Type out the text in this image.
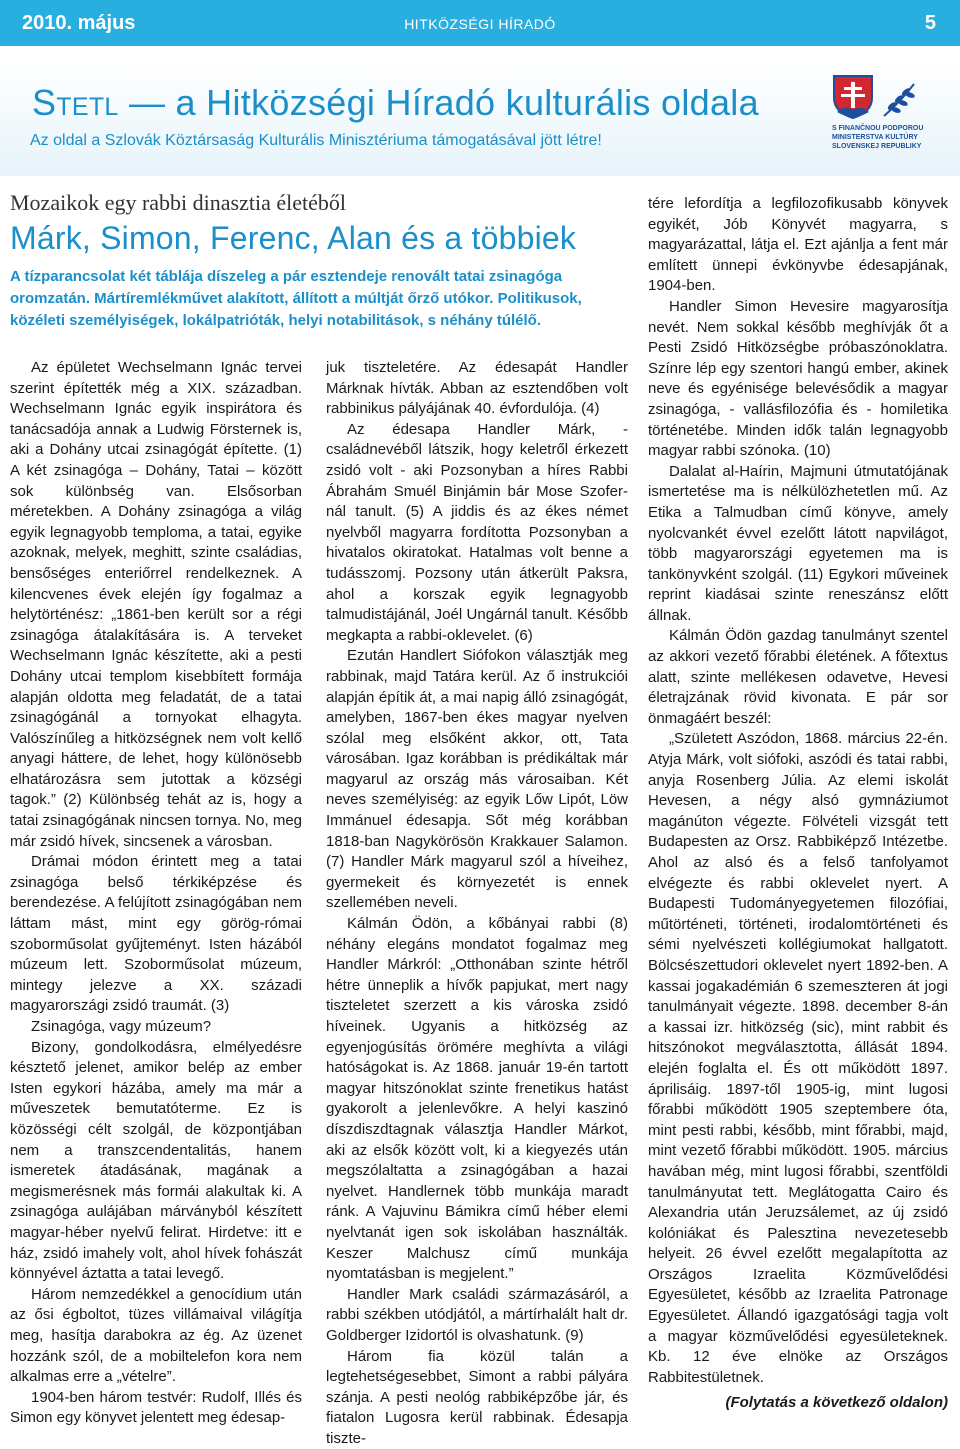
2010. május	HITKÖZSÉGI HÍRADÓ	5
Stetl — a Hitközségi Híradó kulturális oldala
Az oldal a Szlovák Köztársaság Kulturális Minisztériuma támogatásával jött létre!
S FINANČNOU PODPOROU MINISTERSTVA KULTÚRY SLOVENSKEJ REPUBLIKY
Mozaikok egy rabbi dinasztia életéből
Márk, Simon, Ferenc, Alan és a többiek
A tízparancsolat két táblája díszeleg a pár esztendeje renovált tatai zsinagóga oromzatán. Mártíremlékművet alakított, állított a múltját őrző utókor. Politikusok, közéleti személyiségek, lokálpatrióták, helyi notabilitások, s néhány túlélő.

Az épületet Wechselmann Ignác tervei szerint építették még a XIX. században. Wechselmann Ignác egyik inspirátora és tanácsadója annak a Ludwig Försternek is, aki a Dohány utcai zsinagógát építette. (1) A két zsinagóga – Dohány, Tatai – között sok különbség van. Elsősorban méretekben. A Dohány zsinagóga a világ egyik legnagyobb temploma, a tatai, egyike azoknak, melyek, meghitt, szinte családias, bensőséges enteriőrrel rendelkeznek. A kilencvenes évek elején így fogalmaz a helytörténész: „1861-ben került sor a régi zsinagóga átalakítására is. A terveket Wechselmann Ignác készítette, aki a pesti Dohány utcai templom kisebbített formája alapján oldotta meg feladatát, de a tatai zsinagógánál a tornyokat elhagyta. Valószínűleg a hitközségnek nem volt kellő anyagi háttere, de lehet, hogy különösebb elhatározásra sem jutottak a községi tagok.” (2) Különbség tehát az is, hogy a tatai zsinagógának nincsen tornya. No, meg már zsidó hívek, sincsenek a városban.

Drámai módon érintett meg a tatai zsinagóga belső térkiképzése és berendezése. A felújított zsinagógában nem láttam mást, mint egy görög-római szoborműsolat gyűjteményt. Isten házából múzeum lett. Szoborműsolat múzeum, mintegy jelezve a XX. századi magyarországi zsidó traumát. (3)

Zsinagóga, vagy múzeum?

Bizony, gondolkodásra, elmélyedésre késztető jelenet, amikor belép az ember Isten egykori házába, amely ma már a műveszetek bemutatóterme. Ez is közösségi célt szolgál, de központjában nem a transzcendentalitás, hanem ismeretek átadásának, magának a megismerésnek más formái alakultak ki. A zsinagóga aulájában márványból készített magyar-héber nyelvű felirat. Hirdetve: itt e ház, zsidó imahely volt, ahol hívek fohászát könnyével áztatta a tatai levegő.

Három nemzedékkel a genocídium után az ősi égboltot, tüzes villámaival világítja meg, hasítja darabokra az ég. Az üzenet hozzánk szól, de a mobiltelefon kora nem alkalmas erre a „vételre”.

1904-ben három testvér: Rudolf, Illés és Simon egy könyvet jelentett meg édesap-

juk tiszteletére. Az édesapát Handler Márknak hívták. Abban az esztendőben volt rabbinikus pályájának 40. évfordulója. (4)

Az édesapa Handler Márk, - családnevéből látszik, hogy keletről érkezett zsidó volt - aki Pozsonyban a híres Rabbi Ábrahám Smuél Binjámin bár Mose Szofer-nál tanult. (5) A jiddis és az ékes német nyelvből magyarra fordította Pozsonyban a hivatalos okiratokat. Hatalmas volt benne a tudásszomj. Pozsony után átkerült Paksra, ahol a korszak egyik legnagyobb talmudistájánál, Joél Ungárnál tanult. Később megkapta a rabbi-oklevelet. (6)

Ezután Handlert Siófokon választják meg rabbinak, majd Tatára kerül. Az ő instrukciói alapján építik át, a mai napig álló zsinagógát, amelyben, 1867-ben ékes magyar nyelven szólal meg elsőként akkor, ott, Tata városában. Igaz korábban is prédikáltak már magyarul az ország más városaiban. Két neves személyiség: az egyik Lőw Lipót, Löw Immánuel édesapja. Sőt még korábban 1818-ban Nagykörösön Krakkauer Salamon. (7) Handler Márk magyarul szól a híveihez, gyermekeit és környezetét is ennek szellemében neveli.

Kálmán Ödön, a kőbányai rabbi (8) néhány elegáns mondatot fogalmaz meg Handler Márkról: „Otthonában szinte hétről hétre ünneplik a hívők papjukat, mert nagy tiszteletet szerzett a kis városka zsidó híveinek. Ugyanis a hitközség az egyenjogúsítás örömére meghívta a világi hatóságokat is. Az 1868. január 19-én tartott magyar hitszónoklat szinte frenetikus hatást gyakorolt a jelenlevőkre. A helyi kaszinó díszdiszdtagnak választja Handler Márkot, aki az elsők között volt, ki a kiegyezés után megszólaltatta a zsinagógában a hazai nyelvet. Handlernek több munkája maradt ránk. A Vajuvinu Bámikra című héber elemi nyelvtanát igen sok iskolában használták. Keszer Malchusz című munkája nyomtatásban is megjelent.”

Handler Mark családi származásáról, a rabbi székben utódjától, a mártírhalált halt dr. Goldberger Izidortól is olvashatunk. (9)

Három fia közül talán a legtehetségesebbet, Simont a rabbi pályára szánja. A pesti neológ rabbiképzőbe jár, és fiatalon Lugosra kerül rabbinak. Édesapja tiszte-

tére lefordítja a legfilozofikusabb könyvek egyikét, Jób Könyvét magyarra, s magyarázattal, látja el. Ezt ajánlja a fent már említett ünnepi évkönyvbe édesapjának, 1904-ben.

Handler Simon Hevesire magyarosítja nevét. Nem sokkal később meghívják őt a Pesti Zsidó Hitközségbe próbaszónoklatra. Színre lép egy szentori hangú ember, akinek neve és egyénisége belevésődik a magyar zsinagóga, - vallásfilozófia és - homiletika történetébe. Minden idők talán legnagyobb magyar rabbi szónoka. (10)

Dalalat al-Haírin, Majmuni útmutatójának ismertetése ma is nélkülözhetetlen mű. Az Etika a Talmudban című könyve, amely nyolcvankét évvel ezelőtt látott napvilágot, több magyarországi egyetemen ma is tankönyvként szolgál. (11) Egykori műveinek reprint kiadásai szinte reneszánsz előtt állnak.

Kálmán Ödön gazdag tanulmányt szentel az akkori vezető főrabbi életének. A főtextus alatt, szinte mellékesen odavetve, Hevesi életrajzának rövid kivonata. E pár sor önmagáért beszél:

„Született Aszódon, 1868. március 22-én. Atyja Márk, volt siófoki, aszódi és tatai rabbi, anyja Rosenberg Júlia. Az elemi iskolát Hevesen, a négy alsó gymnáziumot magánúton végezte. Fölvételi vizsgát tett Budapesten az Orsz. Rabbiképző Intézetbe. Ahol az alsó és a felső tanfolyamot elvégezte és rabbi oklevelet nyert. A Budapesti Tudományegyetemen filozófiai, műtörténeti, történeti, irodalomtörténeti és sémi nyelvészeti kollégiumokat hallgatott. Bölcsészettudori oklevelet nyert 1892-ben. A kassai jogakadémián 6 szemeszteren át jogi tanulmányait végezte. 1898. december 8-án a kassai izr. hitközség (sic), mint rabbit és hitszónokot megválasztotta, állását 1894. elején foglalta el. És ott működött 1897. áprilisáig. 1897-től 1905-ig, mint lugosi főrabbi működött 1905 szeptembere óta, mint pesti rabbi, később, mint főrabbi, majd, mint vezető főrabbi működött. 1905. március havában még, mint lugosi főrabbi, szentföldi tanulmányutat tett. Meglátogatta Cairo és Alexandria után Jeruzsálemet, az új zsidó kolóniákat és Palesztina nevezetesebb helyeit. 26 évvel ezelőtt megalapította az Országos Izraelita Közművelődési Egyesületet, később az Izraelita Patronage Egyesületet. Állandó igazgatósági tagja volt a magyar közművelődési egyesületeknek. Kb. 12 éve elnöke az Országos Rabbitestületnek.

(Folytatás a következő oldalon)
